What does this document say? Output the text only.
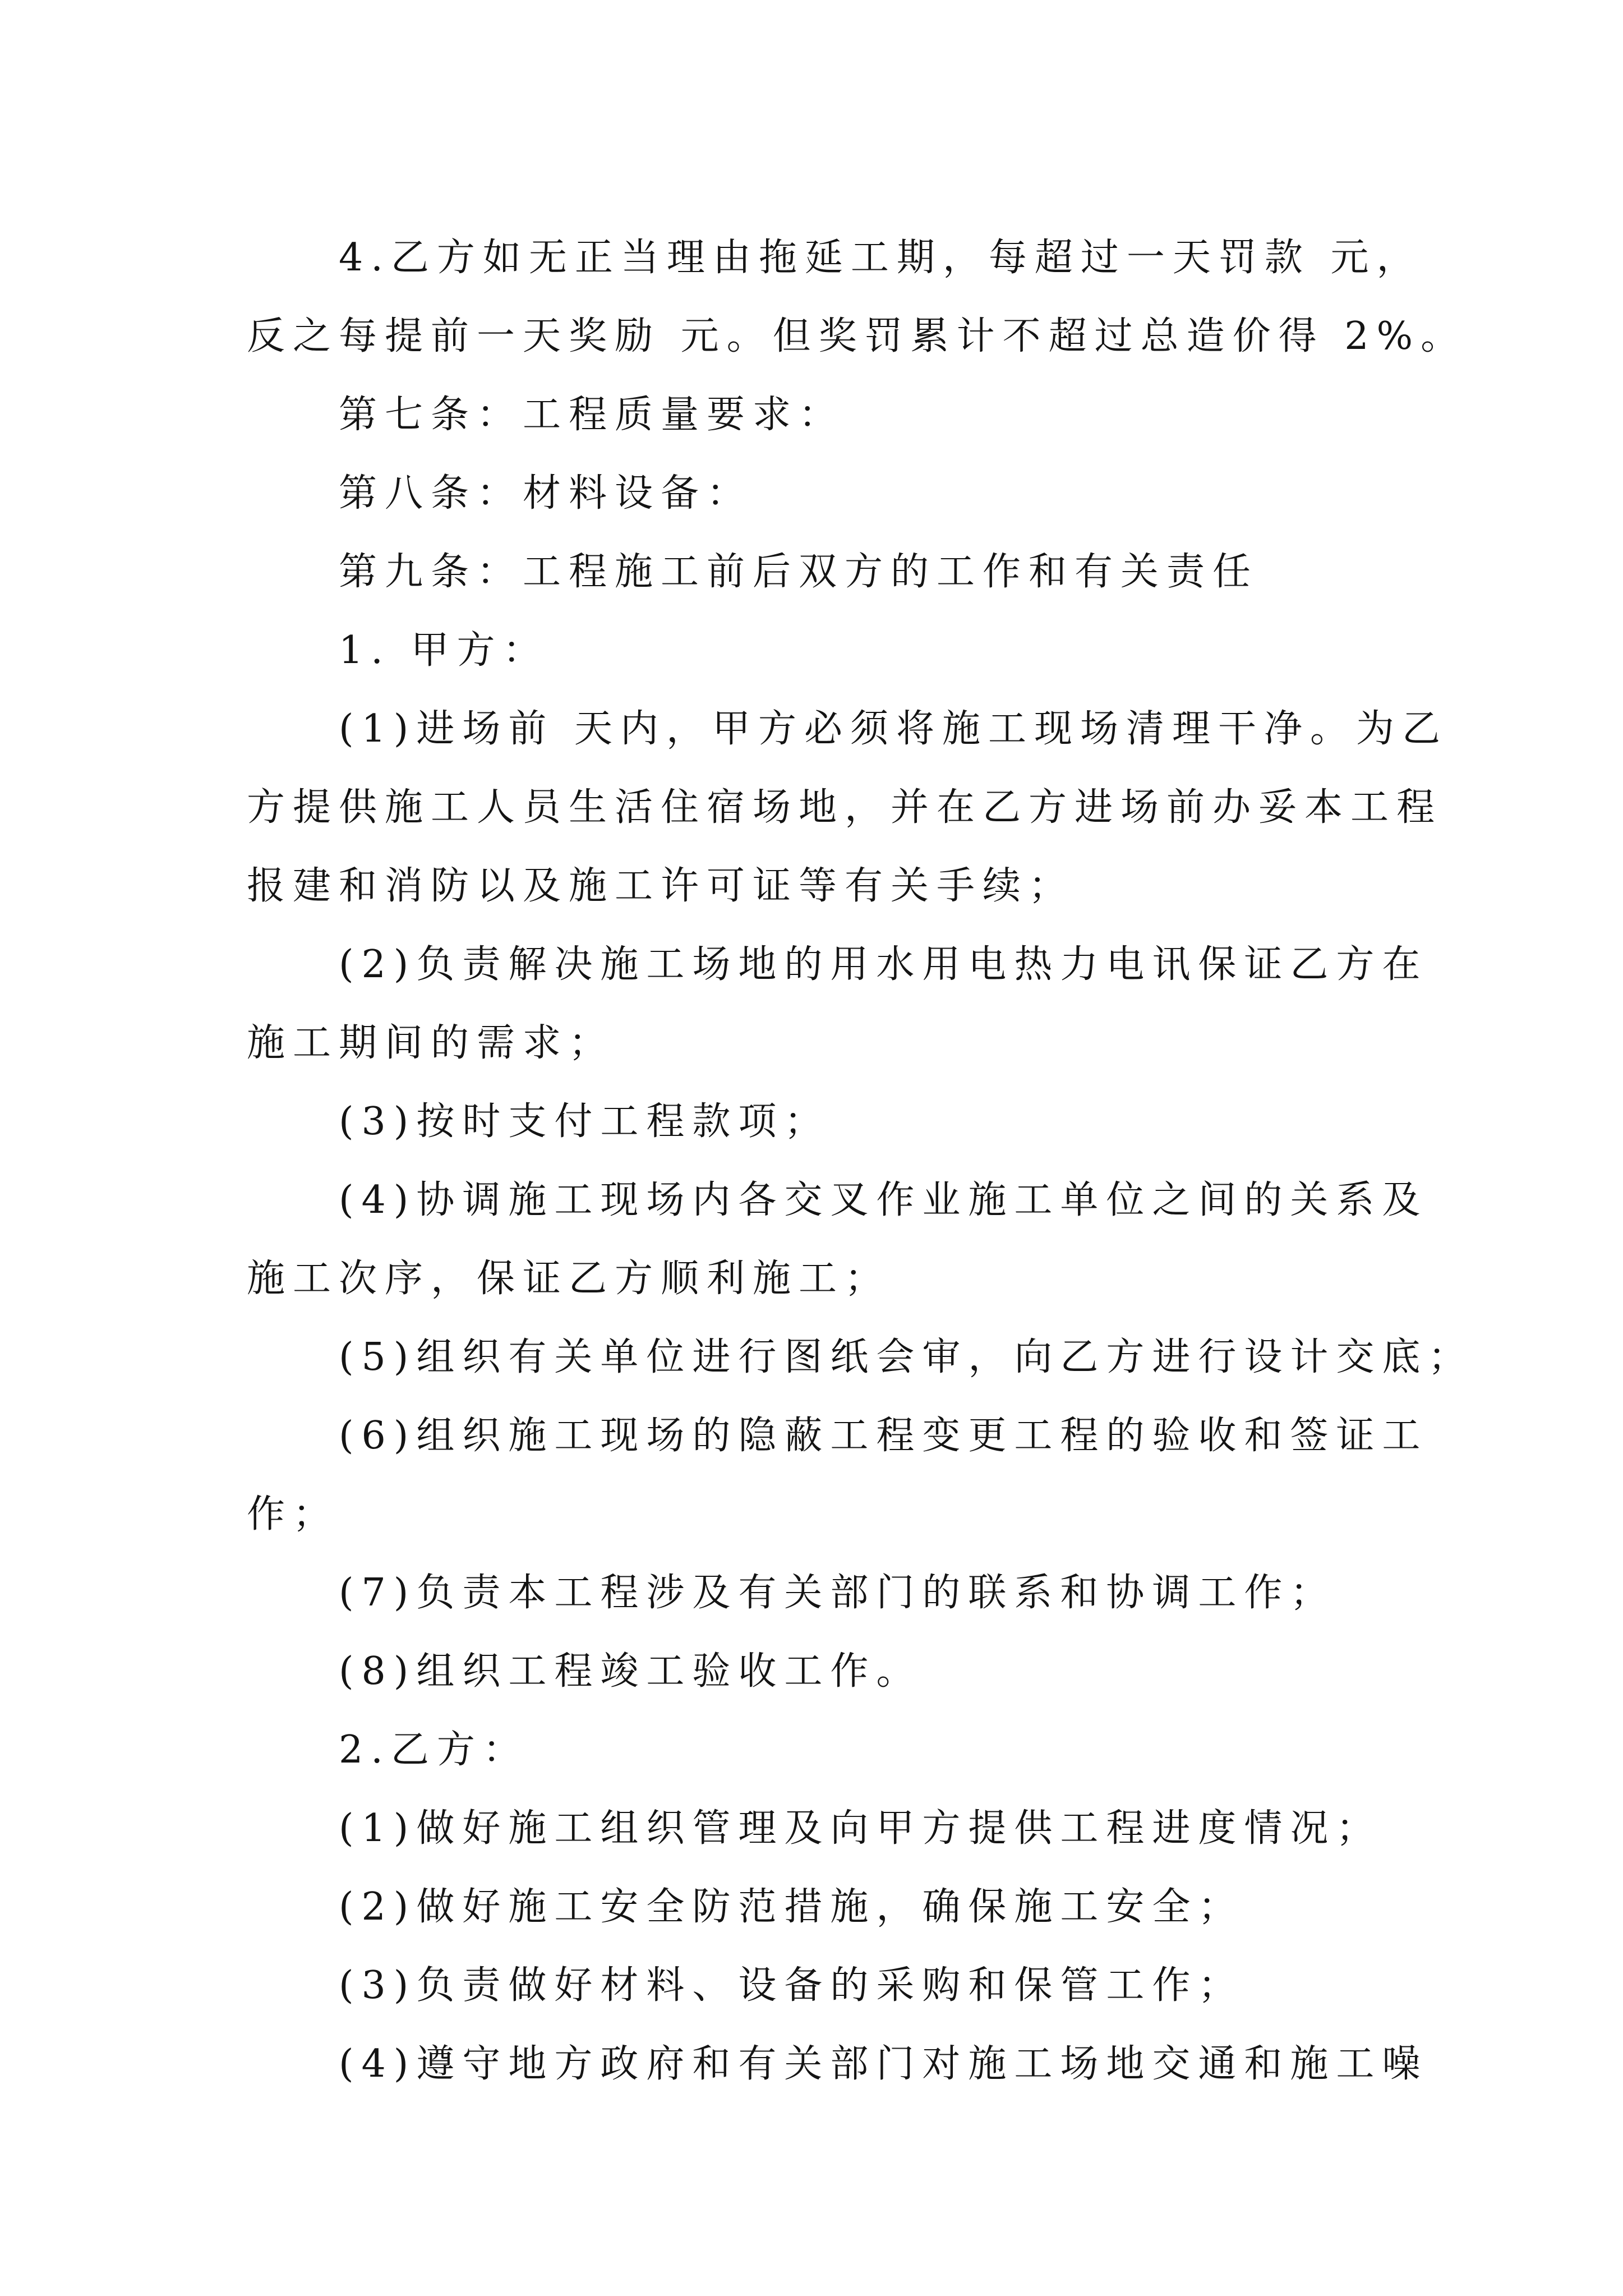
4.乙方如无正当理由拖延工期，每超过一天罚款 元，
反之每提前一天奖励 元。但奖罚累计不超过总造价得 2%。

第七条：工程质量要求：

第八条：材料设备：

第九条：工程施工前后双方的工作和有关责任

1. 甲方：

(1)进场前 天内，甲方必须将施工现场清理干净。为乙
方提供施工人员生活住宿场地，并在乙方进场前办妥本工程
报建和消防以及施工许可证等有关手续；

(2)负责解决施工场地的用水用电热力电讯保证乙方在
施工期间的需求；

(3)按时支付工程款项；

(4)协调施工现场内各交叉作业施工单位之间的关系及
施工次序，保证乙方顺利施工；

(5)组织有关单位进行图纸会审，向乙方进行设计交底；

(6)组织施工现场的隐蔽工程变更工程的验收和签证工
作；

(7)负责本工程涉及有关部门的联系和协调工作；

(8)组织工程竣工验收工作。

2.乙方：

(1)做好施工组织管理及向甲方提供工程进度情况；

(2)做好施工安全防范措施，确保施工安全；

(3)负责做好材料、设备的采购和保管工作；

(4)遵守地方政府和有关部门对施工场地交通和施工噪
